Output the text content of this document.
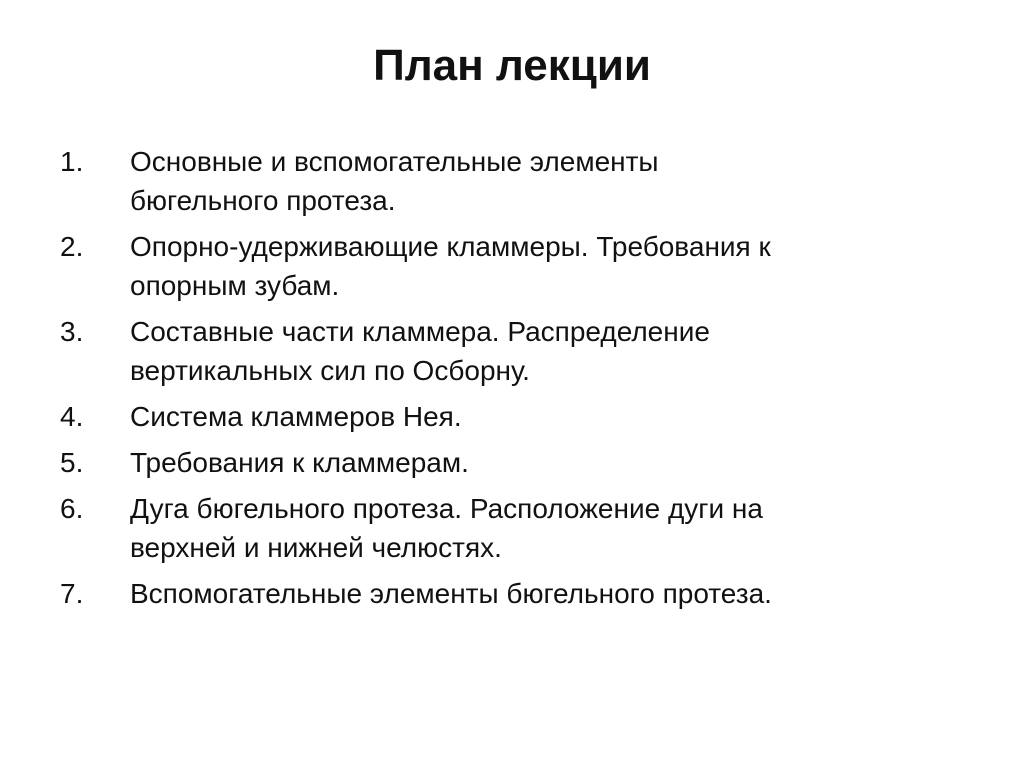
План лекции
1.	Основные и вспомогательные элементы
бюгельного протеза.
2.	Опорно-удерживающие кламмеры. Требования к
опорным зубам.
3.	Составные части кламмера. Распределение
вертикальных сил по Осборну.
4.	Система кламмеров Нея.
5.	Требования к кламмерам.
6.	Дуга бюгельного протеза. Расположение дуги на
верхней и нижней челюстях.
7.	Вспомогательные элементы бюгельного протеза.
